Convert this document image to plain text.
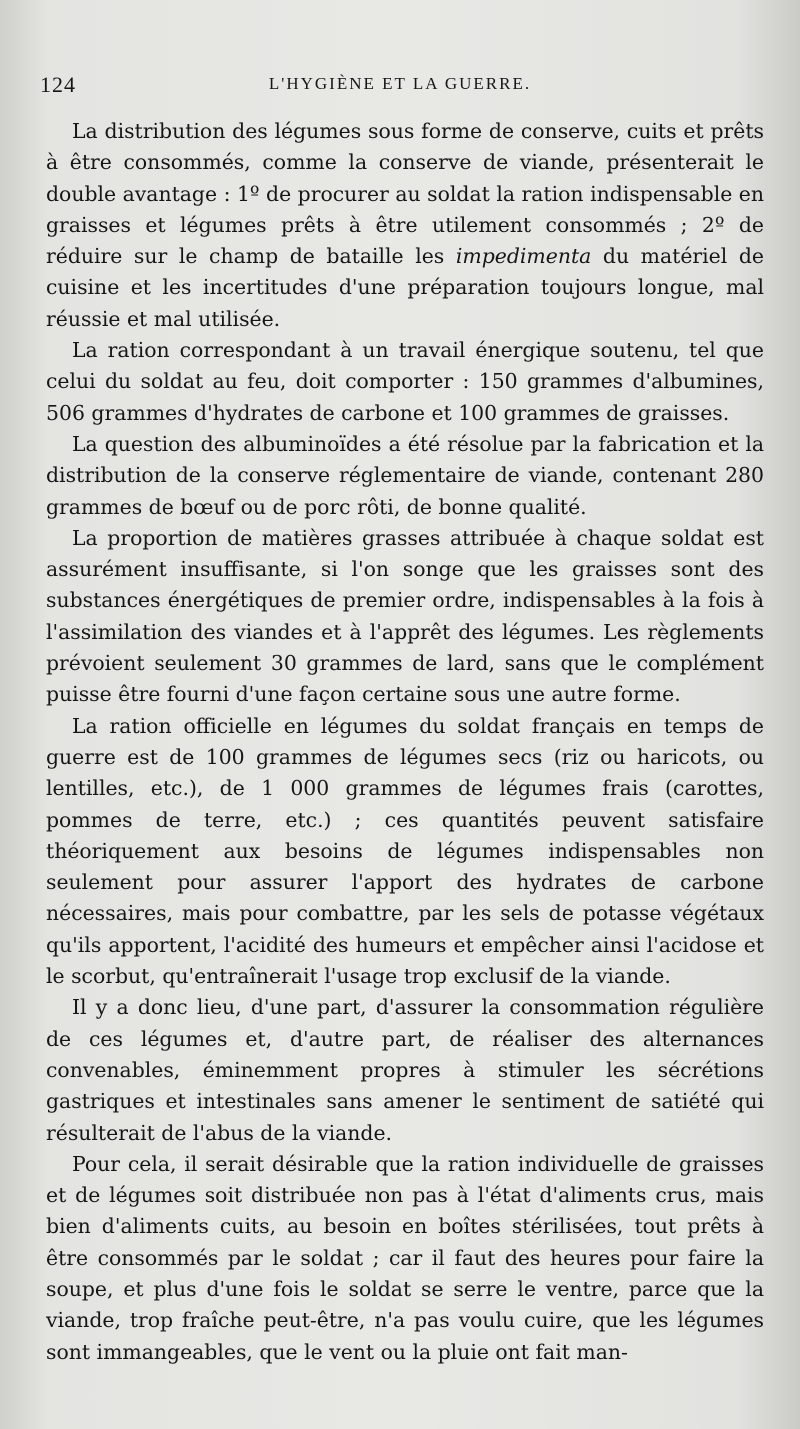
124	L'HYGIÈNE ET LA GUERRE.

La distribution des légumes sous forme de conserve, cuits et prêts à être consommés, comme la conserve de viande, présenterait le double avantage : 1º de procurer au soldat la ration indispensable en graisses et légumes prêts à être utilement consommés ; 2º de réduire sur le champ de bataille les impedimenta du matériel de cuisine et les incertitudes d'une préparation toujours longue, mal réussie et mal utilisée.

La ration correspondant à un travail énergique soutenu, tel que celui du soldat au feu, doit comporter : 150 grammes d'albumines, 506 grammes d'hydrates de carbone et 100 grammes de graisses.

La question des albuminoïdes a été résolue par la fabrication et la distribution de la conserve réglementaire de viande, contenant 280 grammes de bœuf ou de porc rôti, de bonne qualité.

La proportion de matières grasses attribuée à chaque soldat est assurément insuffisante, si l'on songe que les graisses sont des substances énergétiques de premier ordre, indispensables à la fois à l'assimilation des viandes et à l'apprêt des légumes. Les règlements prévoient seulement 30 grammes de lard, sans que le complément puisse être fourni d'une façon certaine sous une autre forme.

La ration officielle en légumes du soldat français en temps de guerre est de 100 grammes de légumes secs (riz ou haricots, ou lentilles, etc.), de 1 000 grammes de légumes frais (carottes, pommes de terre, etc.) ; ces quantités peuvent satisfaire théoriquement aux besoins de légumes indispensables non seulement pour assurer l'apport des hydrates de carbone nécessaires, mais pour combattre, par les sels de potasse végétaux qu'ils apportent, l'acidité des humeurs et empêcher ainsi l'acidose et le scorbut, qu'entraînerait l'usage trop exclusif de la viande.

Il y a donc lieu, d'une part, d'assurer la consommation régulière de ces légumes et, d'autre part, de réaliser des alternances convenables, éminemment propres à stimuler les sécrétions gastriques et intestinales sans amener le sentiment de satiété qui résulterait de l'abus de la viande.

Pour cela, il serait désirable que la ration individuelle de graisses et de légumes soit distribuée non pas à l'état d'aliments crus, mais bien d'aliments cuits, au besoin en boîtes stérilisées, tout prêts à être consommés par le soldat ; car il faut des heures pour faire la soupe, et plus d'une fois le soldat se serre le ventre, parce que la viande, trop fraîche peut-être, n'a pas voulu cuire, que les légumes sont immangeables, que le vent ou la pluie ont fait man-
